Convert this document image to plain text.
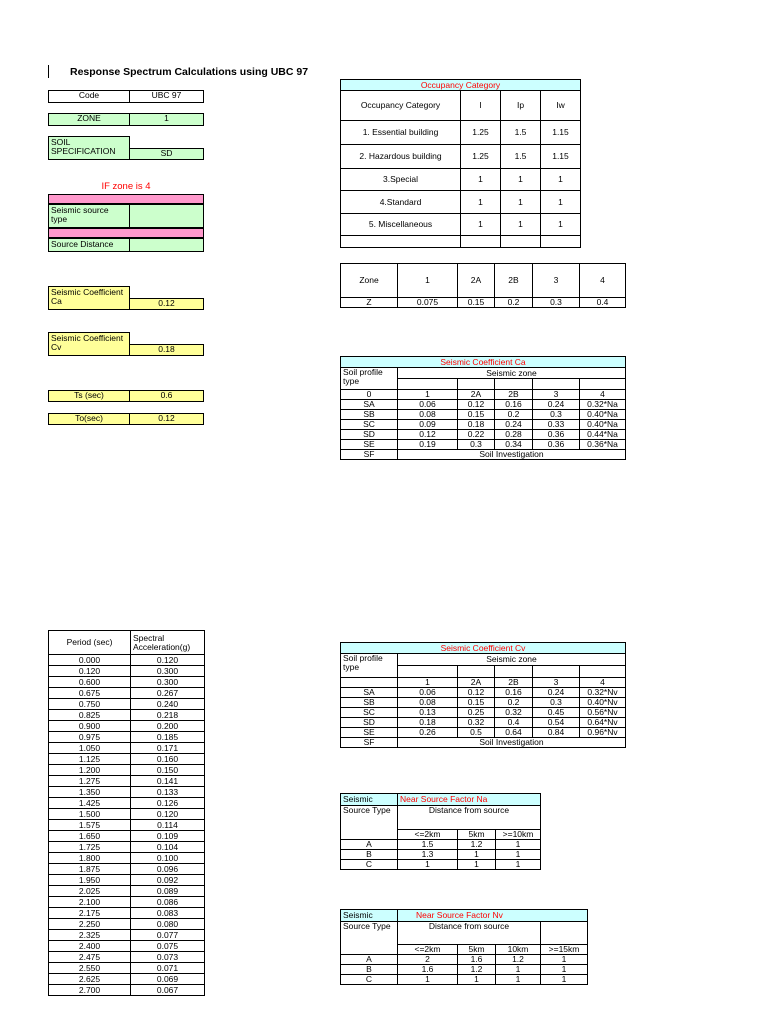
Response Spectrum Calculations using UBC 97
Code	UBC 97
ZONE	1
SOIL SPECIFICATION	SD
IF zone is 4
Seismic source type
Source Distance
Seismic Coefficient Ca	0.12
Seismic Coefficient Cv	0.18
Ts (sec)	0.6
To(sec)	0.12
Occupancy Category			
Occupancy Category	I	Ip	Iw
1. Essential building	1.25	1.5	1.15
2. Hazardous building	1.25	1.5	1.15
3.Special	1	1	1
4.Standard	1	1	1
5. Miscellaneous	1	1	1

Zone	1	2A	2B	3	4
Z	0.075	0.15	0.2	0.3	0.4
Seismic Coefficient Ca					
Soil profile type	Seismic zone				

0	1	2A	2B	3	4
SA	0.06	0.12	0.16	0.24	0.32*Na
SB	0.08	0.15	0.2	0.3	0.40*Na
SC	0.09	0.18	0.24	0.33	0.40*Na
SD	0.12	0.22	0.28	0.36	0.44*Na
SE	0.19	0.3	0.34	0.36	0.36*Na
SF	Soil Investigation				
Period (sec)	Spectral Acceleration(g)
0.000	0.120
0.120	0.300
0.600	0.300
0.675	0.267
0.750	0.240
0.825	0.218
0.900	0.200
0.975	0.185
1.050	0.171
1.125	0.160
1.200	0.150
1.275	0.141
1.350	0.133
1.425	0.126
1.500	0.120
1.575	0.114
1.650	0.109
1.725	0.104
1.800	0.100
1.875	0.096
1.950	0.092
2.025	0.089
2.100	0.086
2.175	0.083
2.250	0.080
2.325	0.077
2.400	0.075
2.475	0.073
2.550	0.071
2.625	0.069
2.700	0.067
Seismic Coefficient Cv					
Soil profile type	Seismic zone				

	1	2A	2B	3	4
SA	0.06	0.12	0.16	0.24	0.32*Nv
SB	0.08	0.15	0.2	0.3	0.40*Nv
SC	0.13	0.25	0.32	0.45	0.56*Nv
SD	0.18	0.32	0.4	0.54	0.64*Nv
SE	0.26	0.5	0.64	0.84	0.96*Nv
SF	Soil Investigation				
Seismic	Near Source Factor Na		
Source Type	Distance from source		
	<=2km	5km	>=10km
A	1.5	1.2	1
B	1.3	1	1
C	1	1	1
Seismic	Near Source Factor Nv			
Source Type	Distance from source			
	<=2km	5km	10km	>=15km
A	2	1.6	1.2	1
B	1.6	1.2	1	1
C	1	1	1	1
